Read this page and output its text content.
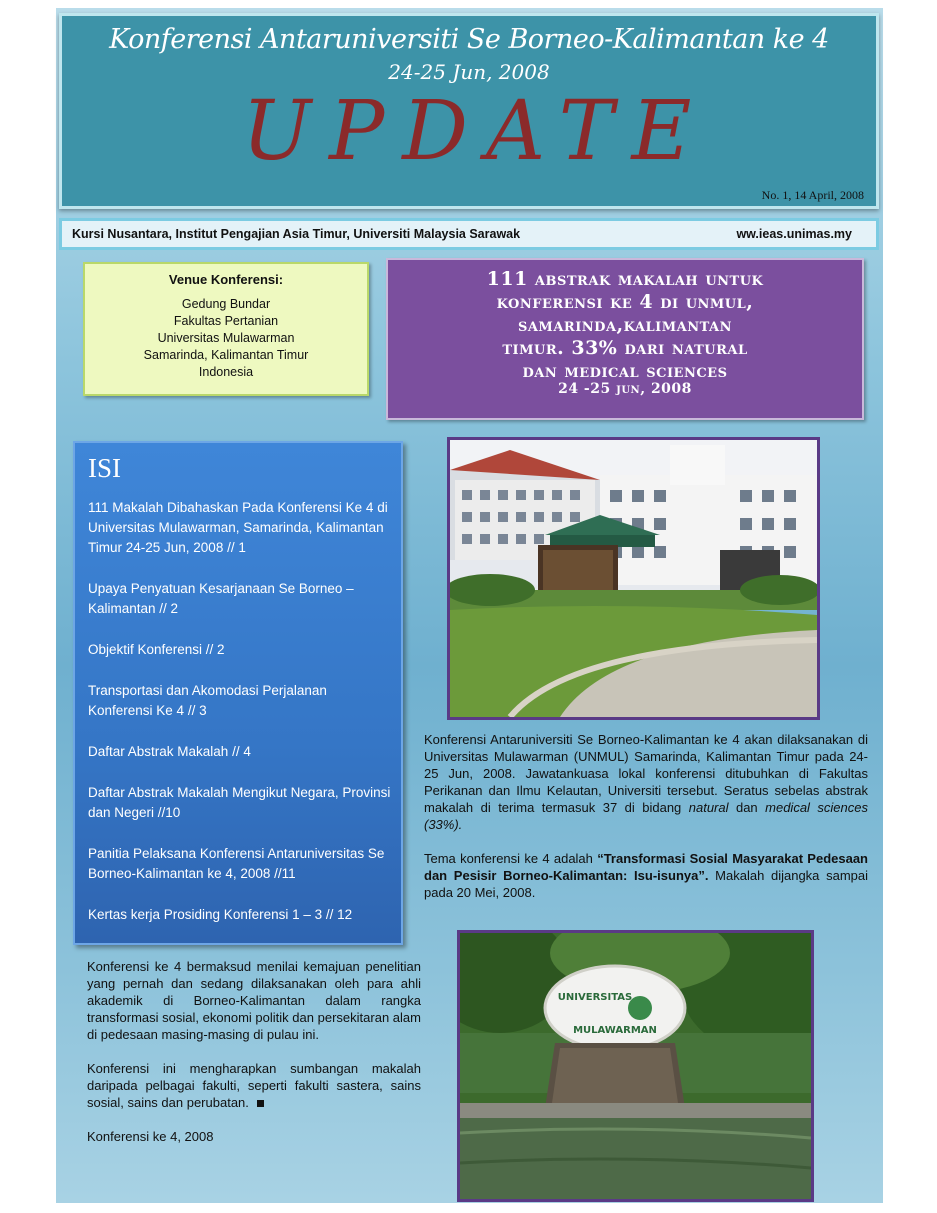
Konferensi Antaruniversiti Se Borneo-Kalimantan ke 4
24-25 Jun, 2008
UPDATE
No. 1, 14 April, 2008
Kursi Nusantara, Institut Pengajian Asia Timur, Universiti Malaysia Sarawak	ww.ieas.unimas.my
Venue Konferensi:
Gedung Bundar
Fakultas Pertanian
Universitas Mulawarman
Samarinda, Kalimantan Timur
Indonesia
111 abstrak makalah untuk
konferensi ke 4 di unmul,
samarinda,kalimantan
timur. 33% dari natural
dan medical sciences
24 -25 jun, 2008
ISI
111 Makalah Dibahaskan Pada Konferensi Ke 4 di Universitas Mulawarman, Samarinda, Kalimantan Timur 24-25 Jun, 2008 // 1
Upaya Penyatuan Kesarjanaan Se Borneo – Kalimantan // 2
Objektif Konferensi // 2
Transportasi dan Akomodasi Perjalanan Konferensi Ke 4 // 3
Daftar Abstrak Makalah // 4
Daftar Abstrak Makalah Mengikut Negara, Provinsi dan Negeri //10
Panitia Pelaksana Konferensi Antaruniversitas Se Borneo-Kalimantan ke 4, 2008 //11
Kertas kerja Prosiding Konferensi 1 – 3 // 12

Konferensi Antaruniversiti Se Borneo-Kalimantan ke 4 akan dilaksanakan di Universitas Mulawarman (UNMUL) Samarinda, Kalimantan Timur pada 24- 25 Jun, 2008. Jawatankuasa lokal konferensi ditubuhkan di Fakultas Perikanan dan Ilmu Kelautan, Universiti tersebut. Seratus sebelas abstrak makalah di terima termasuk 37 di bidang natural dan medical sciences (33%).

Tema konferensi ke 4 adalah “Transformasi Sosial Masyarakat Pedesaan dan Pesisir Borneo-Kalimantan: Isu-isunya”. Makalah dijangka sampai pada 20 Mei, 2008.

UNIVERSITAS
MULAWARMAN

Konferensi ke 4 bermaksud menilai kemajuan penelitian yang pernah dan sedang dilaksanakan oleh para ahli akademik di Borneo-Kalimantan dalam rangka transformasi sosial, ekonomi politik dan persekitaran alam di pedesaan masing-masing di pulau ini.

Konferensi ini mengharapkan sumbangan makalah daripada pelbagai fakulti, seperti fakulti sastera, sains sosial, sains dan perubatan.

Konferensi ke 4, 2008
